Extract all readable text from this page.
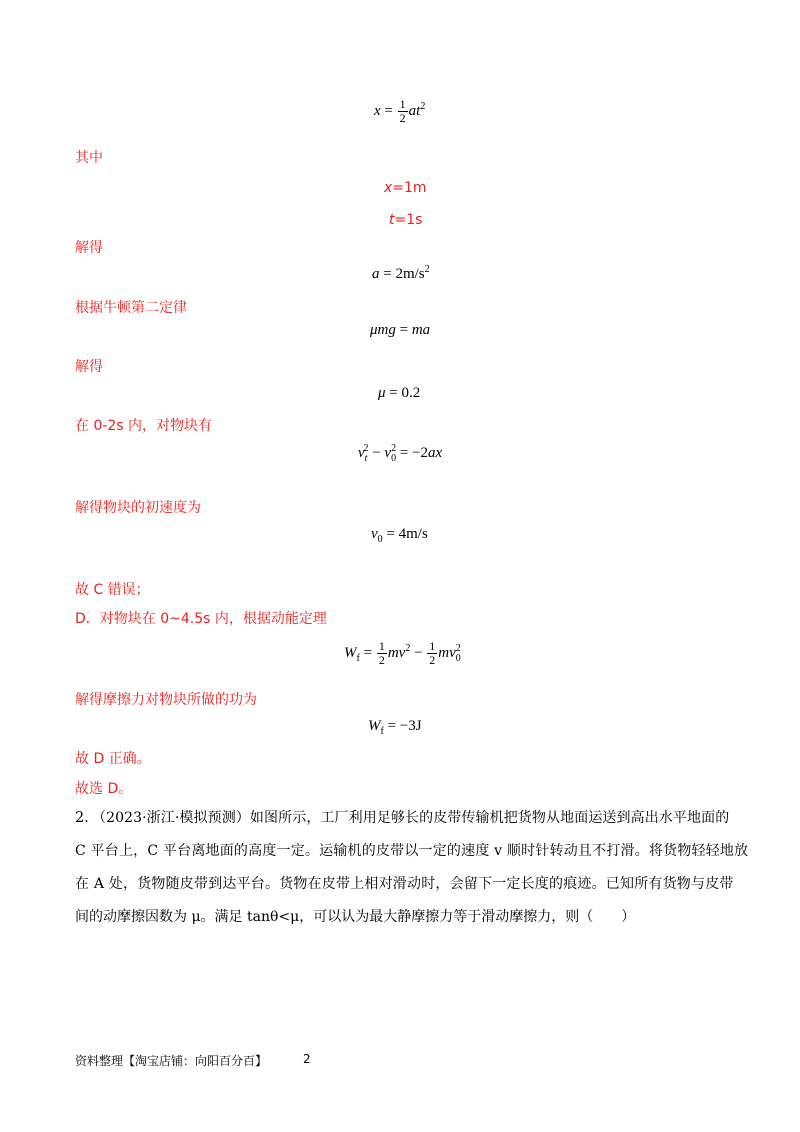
$x = \frac{1}{2} at^2$
其中
x=1m
t=1s
解得
$a = 2m/s^2$
根据牛顿第二定律
μmg = ma
解得
μ = 0.2
在 0-2s 内，对物块有
$v_t^2 - v_0^2 = -2ax$
解得物块的初速度为
$v_0 = 4m/s$
故 C 错误；
D．对物块在 0~4.5s 内，根据动能定理
$W_f = \frac{1}{2} mv^2 - \frac{1}{2} mv_0^2$
解得摩擦力对物块所做的功为
$W_f = -3J$
故 D 正确。
故选 D。
2．
（2023·浙江·模拟预测）如图所示，工厂利用足够长的皮带传输机把货物从地面运送到高出水平地面的
C 平台上，C 平台离地面的高度一定。运输机的皮带以一定的速度 v 顺时针转动且不打滑。将货物轻轻地放
在 A 处，货物随皮带到达平台。货物在皮带上相对滑动时，会留下一定长度的痕迹。已知所有货物与皮带
间的动摩擦因数为 μ。满足 tanθ<μ，可以认为最大静摩擦力等于滑动摩擦力，则（　　）
资料整理【淘宝店铺：向阳百分百】	2
